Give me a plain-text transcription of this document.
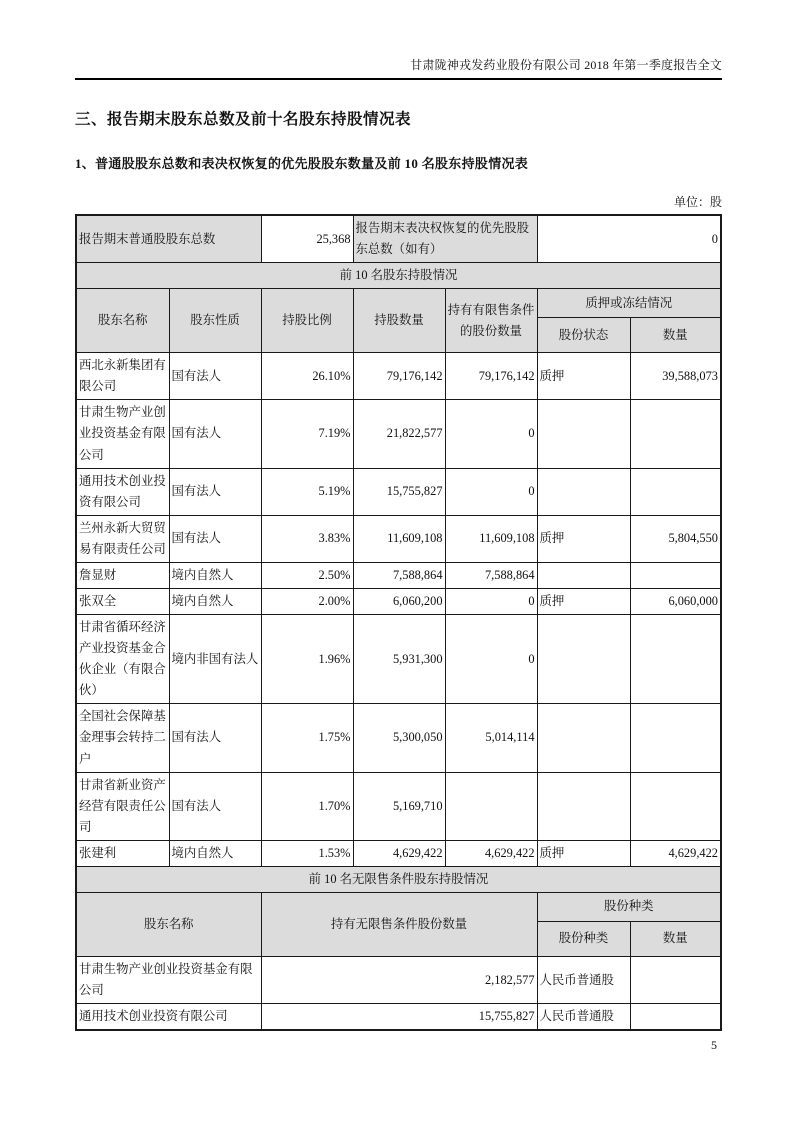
甘肃陇神戎发药业股份有限公司 2018 年第一季度报告全文
三、报告期末股东总数及前十名股东持股情况表
1、普通股股东总数和表决权恢复的优先股股东数量及前 10 名股东持股情况表
单位：股
报告期末普通股股东总数		25,368	报告期末表决权恢复的优先股股东总数（如有）		0	
前 10 名股东持股情况						
股东名称	股东性质	持股比例	持股数量	持有有限售条件的股份数量	质押或冻结情况	
					股份状态	数量
西北永新集团有限公司	国有法人	26.10%	79,176,142	79,176,142	质押	39,588,073
甘肃生物产业创业投资基金有限公司	国有法人	7.19%	21,822,577	0		
通用技术创业投资有限公司	国有法人	5.19%	15,755,827	0		
兰州永新大贸贸易有限责任公司	国有法人	3.83%	11,609,108	11,609,108	质押	5,804,550
詹显财	境内自然人	2.50%	7,588,864	7,588,864		
张双全	境内自然人	2.00%	6,060,200	0	质押	6,060,000
甘肃省循环经济产业投资基金合伙企业（有限合伙）	境内非国有法人	1.96%	5,931,300	0		
全国社会保障基金理事会转持二户	国有法人	1.75%	5,300,050	5,014,114		
甘肃省新业资产经营有限责任公司	国有法人	1.70%	5,169,710			
张建利	境内自然人	1.53%	4,629,422	4,629,422	质押	4,629,422
前 10 名无限售条件股东持股情况						
股东名称		持有无限售条件股份数量			股份种类	
					股份种类	数量
甘肃生物产业创业投资基金有限公司		2,182,577			人民币普通股	
通用技术创业投资有限公司		15,755,827			人民币普通股	
5
